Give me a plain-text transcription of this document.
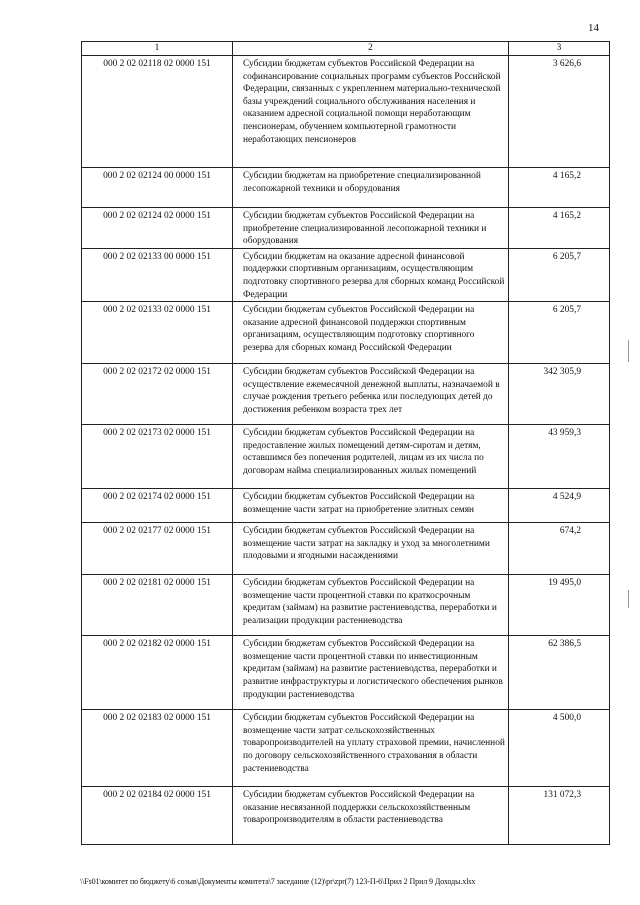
14
1	2	3
000 2 02 02118 02 0000 151	Субсидии бюджетам субъектов Российской Федерации на софинансирование социальных программ субъектов Российской Федерации, связанных с укреплением материально-технической базы учреждений социального обслуживания населения и оказанием адресной социальной помощи неработающим пенсионерам, обучением компьютерной грамотности неработающих пенсионеров	3 626,6
000 2 02 02124 00 0000 151	Субсидии бюджетам на приобретение специализированной лесопожарной техники и оборудования	4 165,2
000 2 02 02124 02 0000 151	Субсидии бюджетам субъектов Российской Федерации на приобретение специализированной лесопожарной техники и оборудования	4 165,2
000 2 02 02133 00 0000 151	Субсидии бюджетам на оказание адресной финансовой поддержки спортивным организациям, осуществляющим подготовку спортивного резерва для сборных команд Российской Федерации	6 205,7
000 2 02 02133 02 0000 151	Субсидии бюджетам субъектов Российской Федерации на оказание адресной финансовой поддержки спортивным организациям, осуществляющим подготовку спортивного резерва для сборных команд Российской Федерации	6 205,7
000 2 02 02172 02 0000 151	Субсидии бюджетам субъектов Российской Федерации на осуществление ежемесячной денежной выплаты, назначаемой в случае рождения третьего ребенка или последующих детей до достижения ребенком возраста трех лет	342 305,9
000 2 02 02173 02 0000 151	Субсидии бюджетам субъектов Российской Федерации на предоставление жилых помещений детям-сиротам и детям, оставшимся без попечения родителей, лицам из их числа по договорам найма специализированных жилых помещений	43 959,3
000 2 02 02174 02 0000 151	Субсидии бюджетам субъектов Российской Федерации на возмещение части затрат на приобретение элитных семян	4 524,9
000 2 02 02177 02 0000 151	Субсидии бюджетам субъектов Российской Федерации на возмещение части затрат на закладку и уход за многолетними плодовыми и ягодными насаждениями	674,2
000 2 02 02181 02 0000 151	Субсидии бюджетам субъектов Российской Федерации на возмещение части процентной ставки по краткосрочным кредитам (займам) на развитие растениеводства, переработки и реализации продукции растениеводства	19 495,0
000 2 02 02182 02 0000 151	Субсидии бюджетам субъектов Российской Федерации на возмещение части процентной ставки по инвестиционным кредитам (займам) на развитие растениеводства, переработки и развитие инфраструктуры и логистического обеспечения рынков продукции растениеводства	62 386,5
000 2 02 02183 02 0000 151	Субсидии бюджетам субъектов Российской Федерации на возмещение части затрат сельскохозяйственных товаропроизводителей на уплату страховой премии, начисленной по договору сельскохозяйственного страхования в области растениеводства	4 500,0
000 2 02 02184 02 0000 151	Субсидии бюджетам субъектов Российской Федерации на оказание несвязанной поддержки сельскохозяйственным товаропроизводителям в области растениеводства	131 072,3
\\Fs01\комитет по бюджету\6 созыв\Документы комитета\7 заседание (12)\pr\zpr(7) 123-П-6\Прил 2 Прил 9 Доходы.xlsx
